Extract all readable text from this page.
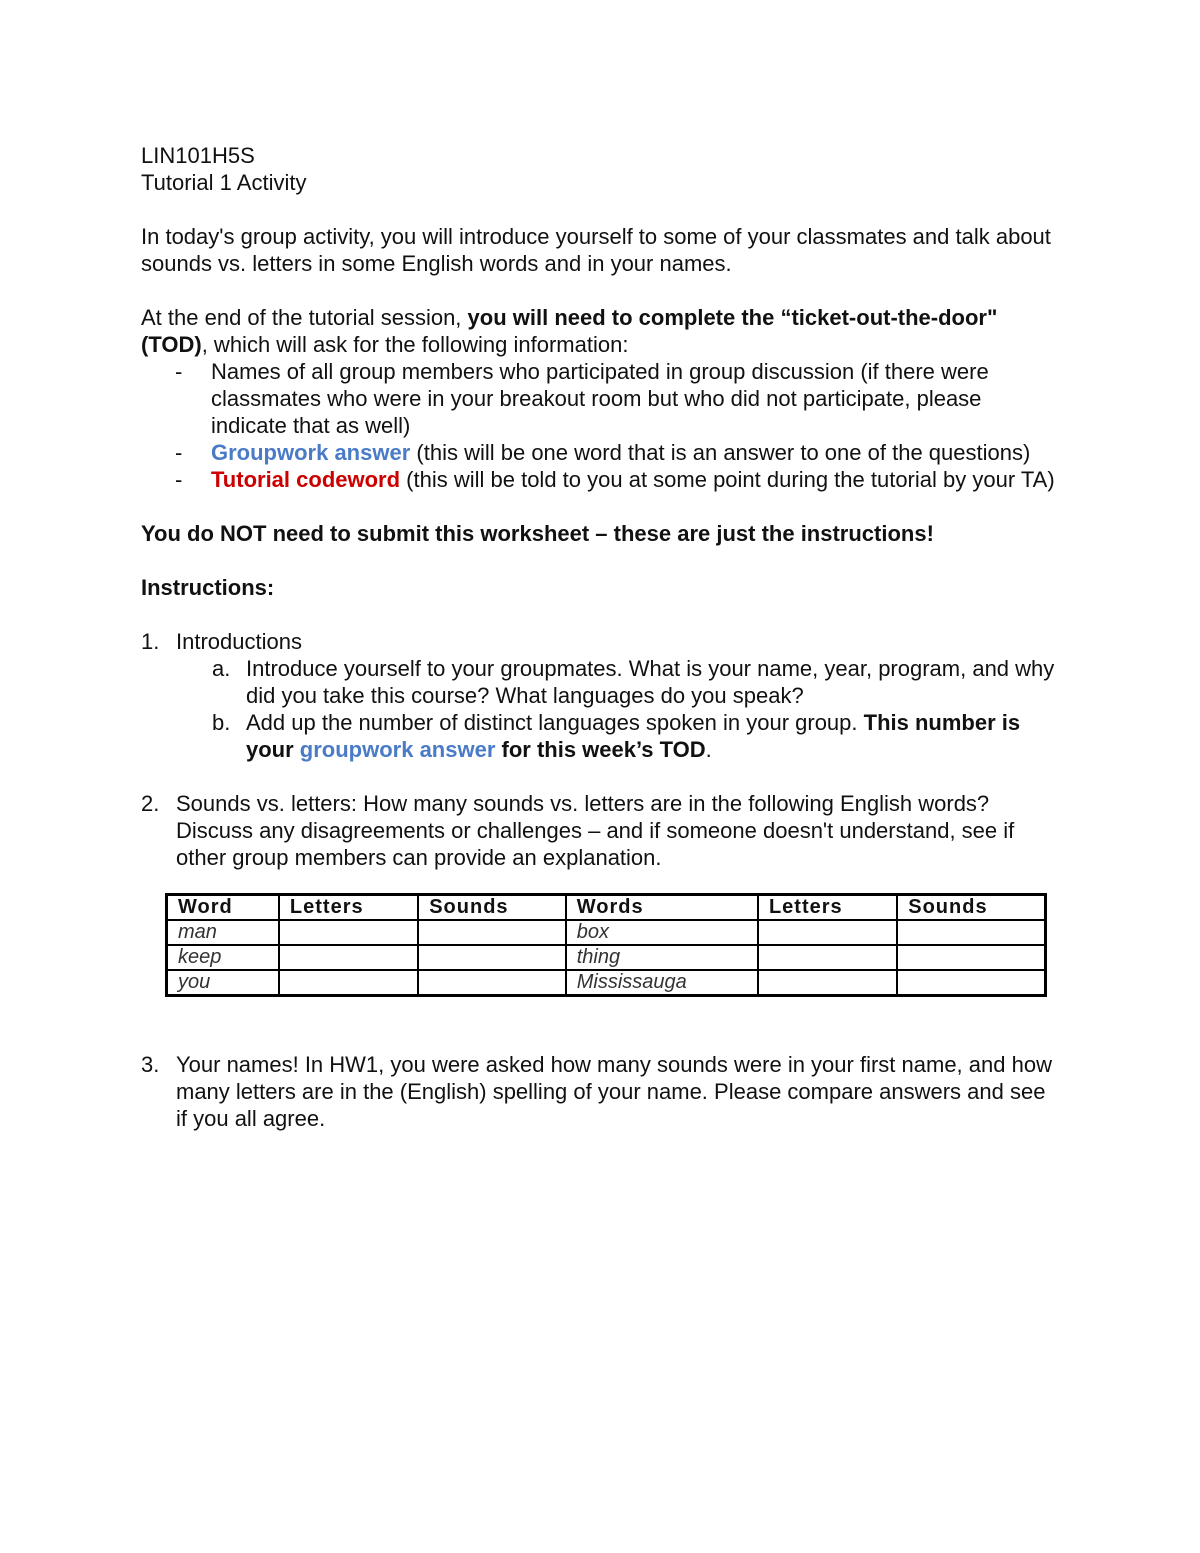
LIN101H5S

Tutorial 1 Activity

In today's group activity, you will introduce yourself to some of your classmates and talk about sounds vs. letters in some English words and in your names.

At the end of the tutorial session, you will need to complete the “ticket-out-the-door" (TOD), which will ask for the following information:

- Names of all group members who participated in group discussion (if there were classmates who were in your breakout room but who did not participate, please indicate that as well)
- Groupwork answer (this will be one word that is an answer to one of the questions)
- Tutorial codeword (this will be told to you at some point during the tutorial by your TA)

You do NOT need to submit this worksheet – these are just the instructions!

Instructions:

1. Introductions
a. Introduce yourself to your groupmates. What is your name, year, program, and why did you take this course? What languages do you speak?
b. Add up the number of distinct languages spoken in your group. This number is your groupwork answer for this week’s TOD.
2. Sounds vs. letters: How many sounds vs. letters are in the following English words? Discuss any disagreements or challenges – and if someone doesn't understand, see if other group members can provide an explanation.
Word	Letters	Sounds	Words	Letters	Sounds
man			box		
keep			thing		
you			Mississauga		
3. Your names! In HW1, you were asked how many sounds were in your first name, and how many letters are in the (English) spelling of your name. Please compare answers and see if you all agree.
